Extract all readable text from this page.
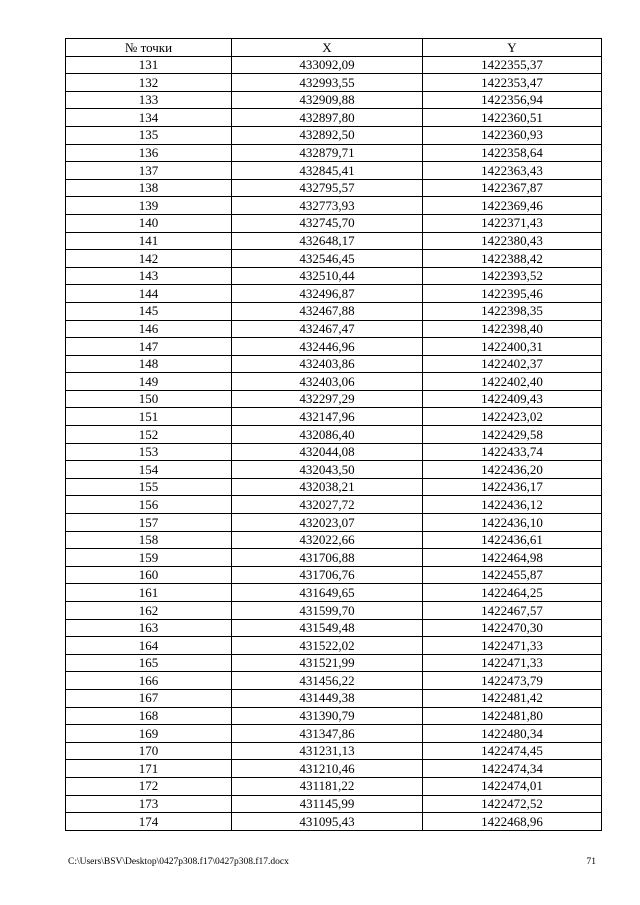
№ точки	X	Y
131	433092,09	1422355,37
132	432993,55	1422353,47
133	432909,88	1422356,94
134	432897,80	1422360,51
135	432892,50	1422360,93
136	432879,71	1422358,64
137	432845,41	1422363,43
138	432795,57	1422367,87
139	432773,93	1422369,46
140	432745,70	1422371,43
141	432648,17	1422380,43
142	432546,45	1422388,42
143	432510,44	1422393,52
144	432496,87	1422395,46
145	432467,88	1422398,35
146	432467,47	1422398,40
147	432446,96	1422400,31
148	432403,86	1422402,37
149	432403,06	1422402,40
150	432297,29	1422409,43
151	432147,96	1422423,02
152	432086,40	1422429,58
153	432044,08	1422433,74
154	432043,50	1422436,20
155	432038,21	1422436,17
156	432027,72	1422436,12
157	432023,07	1422436,10
158	432022,66	1422436,61
159	431706,88	1422464,98
160	431706,76	1422455,87
161	431649,65	1422464,25
162	431599,70	1422467,57
163	431549,48	1422470,30
164	431522,02	1422471,33
165	431521,99	1422471,33
166	431456,22	1422473,79
167	431449,38	1422481,42
168	431390,79	1422481,80
169	431347,86	1422480,34
170	431231,13	1422474,45
171	431210,46	1422474,34
172	431181,22	1422474,01
173	431145,99	1422472,52
174	431095,43	1422468,96
C:\Users\BSV\Desktop\0427p308.f17\0427p308.f17.docx	71
